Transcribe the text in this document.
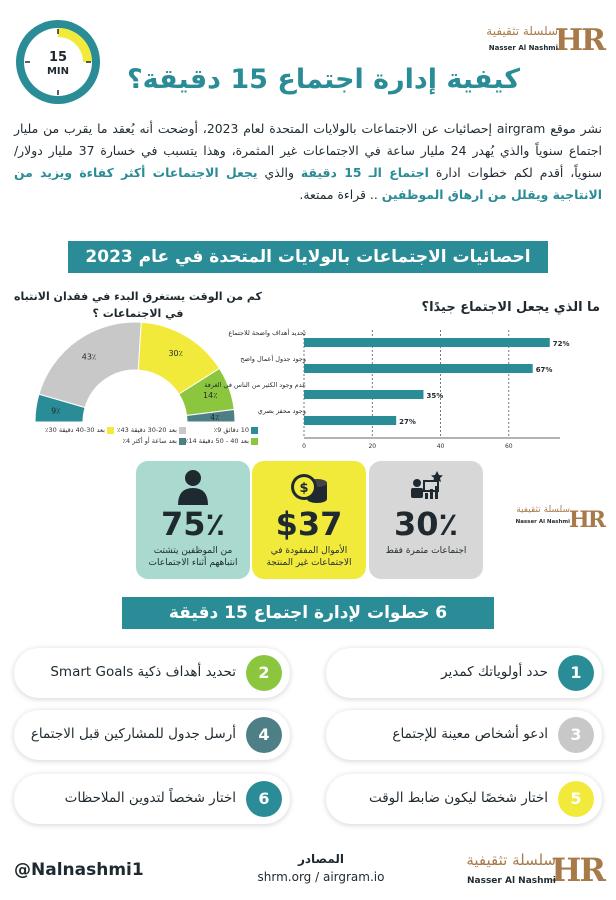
HR
سلسلة تثقيفية
Nasser Al Nashmi
15
MIN	كيفية إدارة اجتماع 15 دقيقة؟
نشر موقع airgram إحصائيات عن الاجتماعات بالولايات المتحدة لعام 2023، أوضحت أنه يُعقد ما يقرب من مليار اجتماع سنوياً والذي يُهدر 24 مليار ساعة في الاجتماعات غير المثمرة، وهذا يتسبب في خسارة 37 مليار دولار/ سنوياً، أقدم لكم خطوات ادارة اجتماع الـ 15 دقيقة والذي يجعل الاجتماعات أكثر كفاءة ويزيد من الانتاجية ويقلل من ارهاق الموظفين .. قراءة ممتعة.
احصائيات الاجتماعات بالولايات المتحدة في عام 2023
كم من الوقت يستغرق البدء في فقدان الانتباه في الاجتماعات ؟
9٪
43٪	30٪
14٪
4٪
10 دقائق 9٪بعد 20-30 دقيقة 43٪بعد 30-40 دقيقة 30٪بعد 40 - 50 دقيقة 14٪بعد ساعة أو أكثر 4٪
ما الذي يجعل الاجتماع جيدًا؟
0	20	40	60
72%
تحديد أهداف واضحة للاجتماع
67%
وجود جدول أعمال واضح
35%
عدم وجود الكثير من الناس في الغرفة
27%
وجود محفز بصري
75٪
من الموظفين يتشتت انتباههم أثناء الاجتماعات
$
$37
الأموال المفقودة في الاجتماعات غير المنتجة
30٪
اجتماعات مثمرة فقط
HR
سلسلة تثقيفية
Nasser Al Nashmi
6 خطوات لإدارة اجتماع 15 دقيقة
1
حدد أولوياتك كمدير
2
تحديد أهداف ذكية Smart Goals
3
ادعو أشخاص معينة للإجتماع
4
أرسل جدول للمشاركين قبل الاجتماع
5
اختار شخصًا ليكون ضابط الوقت
6
اختار شخصاً لتدوين الملاحظات
@Nalnashmi1
المصادر
shrm.org / airgram.io	HR
سلسلة تثقيفية
Nasser Al Nashmi
